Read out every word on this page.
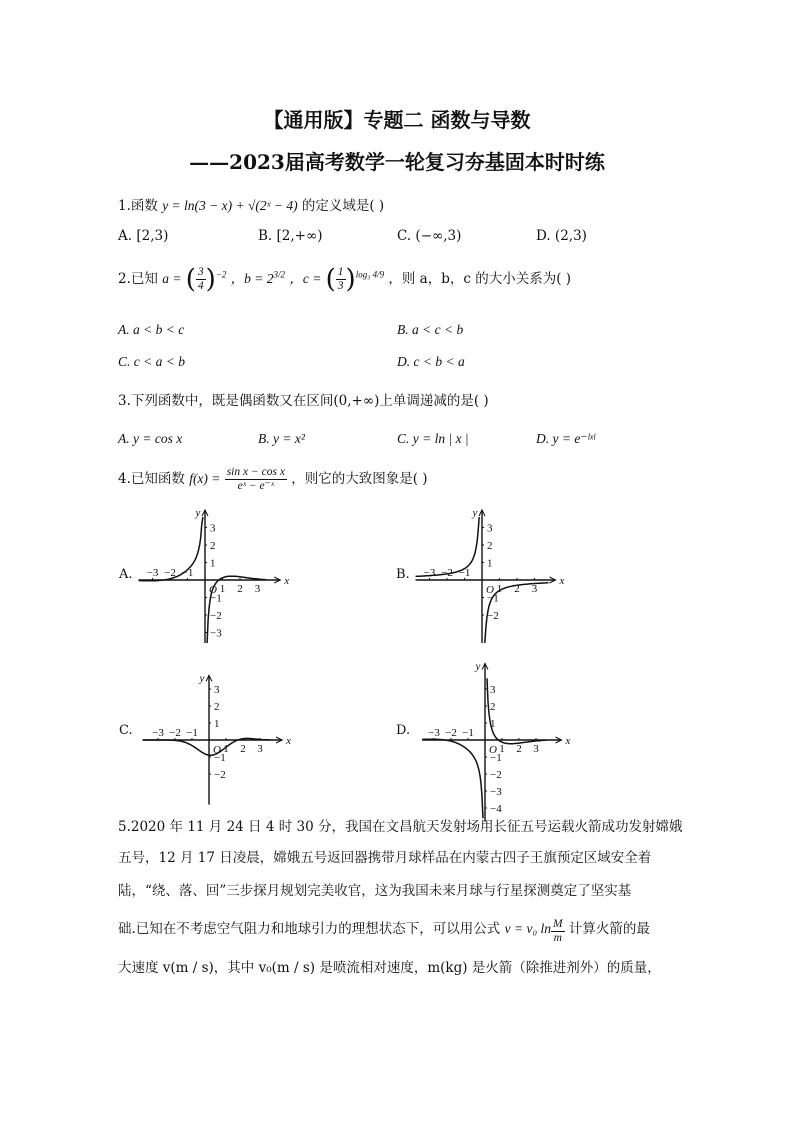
【通用版】专题二 函数与导数
——2023届高考数学一轮复习夯基固本时时练
1.函数 y = ln(3 − x) + √(2ˣ − 4) 的定义域是( )
A. [2,3)	B. [2,+∞)	C. (−∞,3)	D. (2,3)
2.已知 a = ( $\frac{3}{4} )^{-2}$ ，$b = 2^{3/2}$ ，c = ( $\frac{1}{3} )^{log_3 4/9}$ ，则 a，b，c 的大小关系为( )
A. a < b < c	B. a < c < b
C. c < a < b	D. c < b < a
3.下列函数中，既是偶函数又在区间(0,+∞)上单调递减的是( )
A. y = cos x	B. y = x²	C. y = ln | x |	D. y = e⁻ˡˣˡ
4.已知函数 $f(x) = \frac{\text{sin x − cos x}}{\text{eˣ − e⁻ˣ}}$ ，则它的大致图象是( )
A.	B.
C.	D.
x
y
O
−3 −2 −1
1 2 3
3
2
1
−1
−2
−3
x
y
O
−3 −2 −1
1 2 3
3
2
1
−1
−2
x
y
O
−3 −2 −1
1 2 3
3
2
1
−1
−2
x
y
O
−3 −2 −1
1 2 3
3
2
1
−1
−2
−3
−4
5.2020 年 11 月 24 日 4 时 30 分，我国在文昌航天发射场用长征五号运载火箭成功发射嫦娥
五号，12 月 17 日凌晨，嫦娥五号返回器携带月球样品在内蒙古四子王旗预定区域安全着
陆，“绕、落、回”三步探月规划完美收官，这为我国未来月球与行星探测奠定了坚实基
础.已知在不考虑空气阻力和地球引力的理想状态下，可以用公式 v = v₀ $\ln \frac{M}{m}$ 计算火箭的最
大速度 v(m / s)，其中 v₀(m / s) 是喷流相对速度，m(kg) 是火箭（除推进剂外）的质量，
